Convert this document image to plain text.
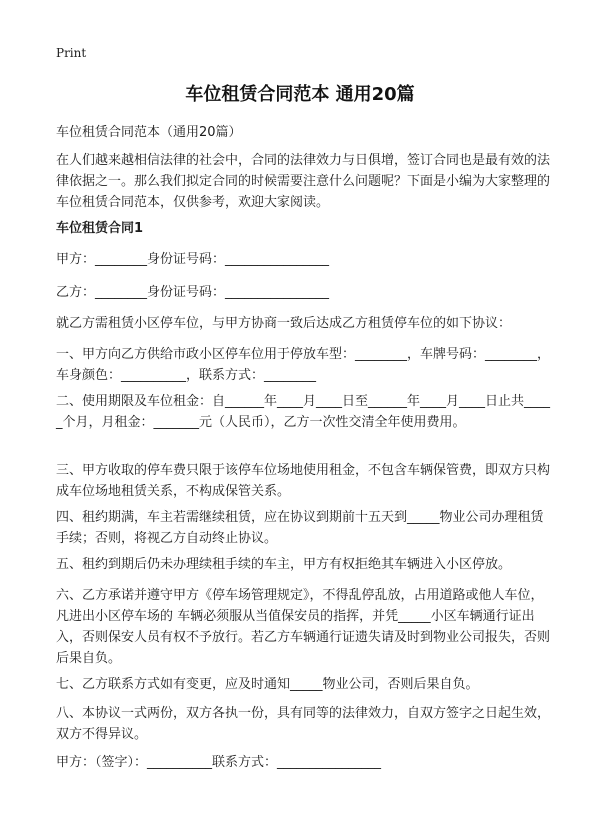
Print
车位租赁合同范本 通用20篇
车位租赁合同范本（通用20篇）
在人们越来越相信法律的社会中，合同的法律效力与日俱增，签订合同也是最有效的法律依据之一。那么我们拟定合同的时候需要注意什么问题呢？下面是小编为大家整理的车位租赁合同范本，仅供参考，欢迎大家阅读。
车位租赁合同1
甲方：________身份证号码：________________
乙方：________身份证号码：________________
就乙方需租赁小区停车位，与甲方协商一致后达成乙方租赁停车位的如下协议：
一、甲方向乙方供给市政小区停车位用于停放车型：________，车牌号码：________，车身颜色：__________，联系方式：________
二、使用期限及车位租金：自______年____月____日至______年____月____日止共_____个月，月租金：_______元（人民币），乙方一次性交清全年使用费用。
三、甲方收取的停车费只限于该停车位场地使用租金，不包含车辆保管费，即双方只构成车位场地租赁关系，不构成保管关系。
四、租约期满，车主若需继续租赁，应在协议到期前十五天到_____物业公司办理租赁手续；否则，将视乙方自动终止协议。
五、租约到期后仍未办理续租手续的车主，甲方有权拒绝其车辆进入小区停放。
六、乙方承诺并遵守甲方《停车场管理规定》，不得乱停乱放，占用道路或他人车位，凡进出小区停车场的 车辆必须服从当值保安员的指挥，并凭_____小区车辆通行证出入，否则保安人员有权不予放行。若乙方车辆通行证遗失请及时到物业公司报失，否则后果自负。
七、乙方联系方式如有变更，应及时通知_____物业公司，否则后果自负。
八、本协议一式两份，双方各执一份，具有同等的法律效力，自双方签字之日起生效，双方不得异议。
甲方：（签字）：__________联系方式：________________
